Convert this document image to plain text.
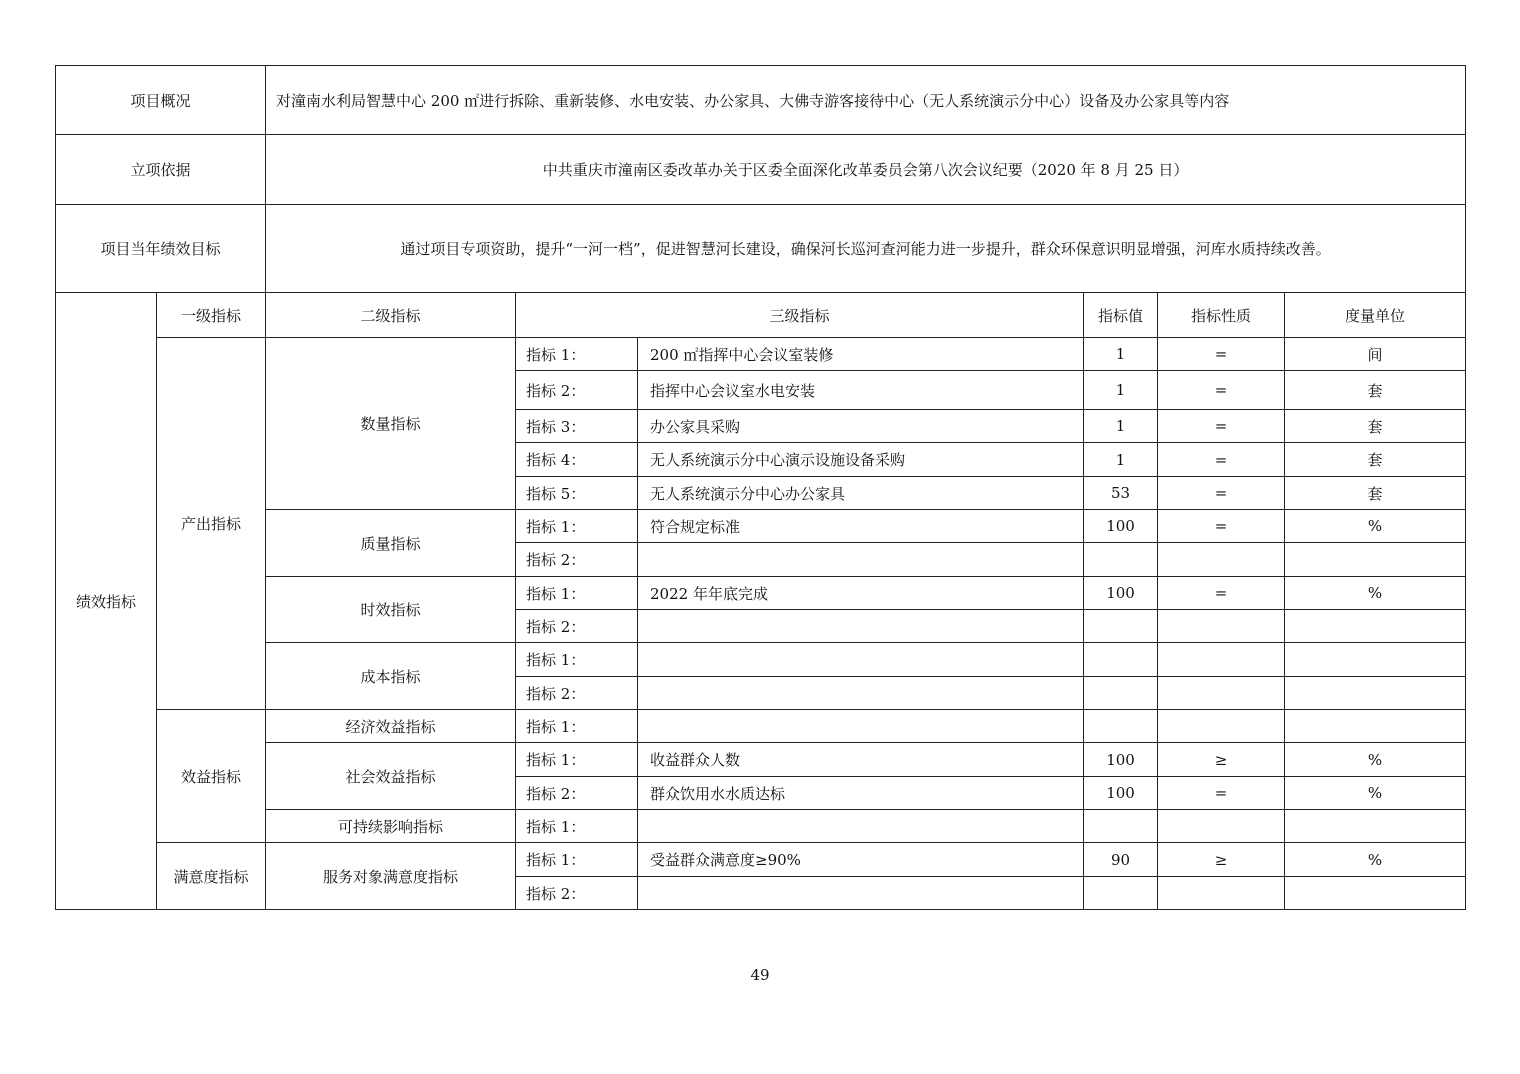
项目概况		对潼南水利局智慧中心 200 ㎡进行拆除、重新装修、水电安装、办公家具、大佛寺游客接待中心（无人系统演示分中心）设备及办公家具等内容					
立项依据		中共重庆市潼南区委改革办关于区委全面深化改革委员会第八次会议纪要（2020 年 8 月 25 日）					
项目当年绩效目标		通过项目专项资助，提升“一河一档”，促进智慧河长建设，确保河长巡河查河能力进一步提升，群众环保意识明显增强，河库水质持续改善。					
绩效指标	一级指标	二级指标	三级指标		指标值	指标性质	度量单位
	产出指标	数量指标	指标 1：	200 ㎡指挥中心会议室装修	1	=	间
			指标 2：	指挥中心会议室水电安装	1	=	套
			指标 3：	办公家具采购	1	=	套
			指标 4：	无人系统演示分中心演示设施设备采购	1	=	套
			指标 5：	无人系统演示分中心办公家具	53	=	套
		质量指标	指标 1：	符合规定标准	100	=	%
			指标 2：				
		时效指标	指标 1：	2022 年年底完成	100	=	%
			指标 2：				
		成本指标	指标 1：				
			指标 2：				
	效益指标	经济效益指标	指标 1：				
		社会效益指标	指标 1：	收益群众人数	100	≥	%
			指标 2：	群众饮用水水质达标	100	=	%
		可持续影响指标	指标 1：				
	满意度指标	服务对象满意度指标	指标 1：	受益群众满意度≥90%	90	≥	%
			指标 2：				
49
